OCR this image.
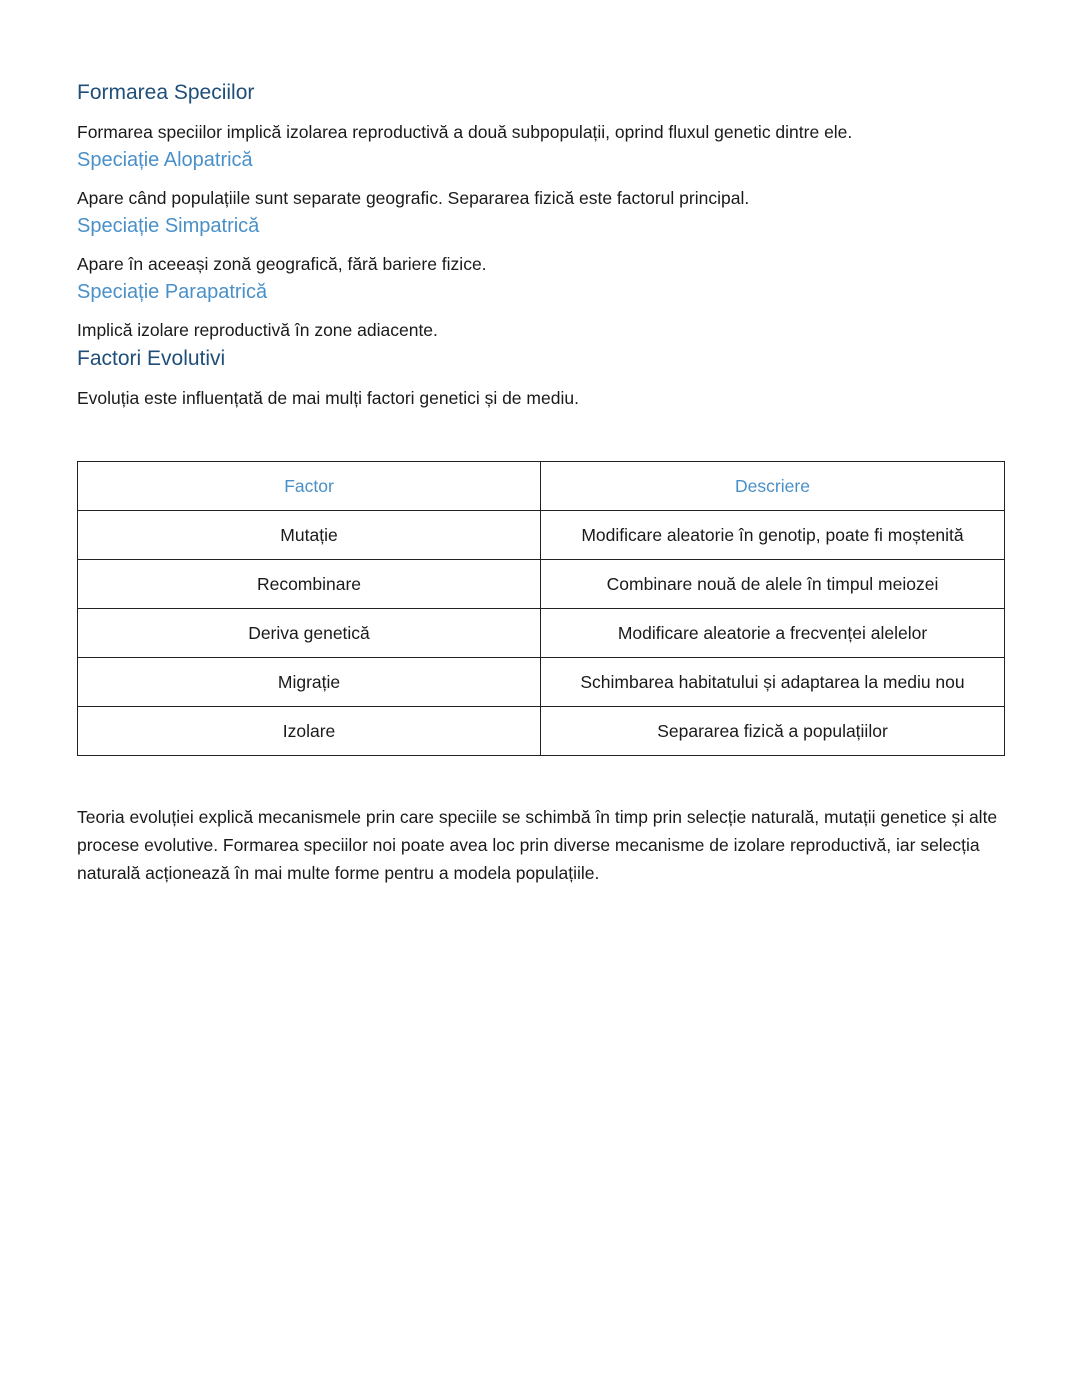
Formarea Speciilor

Formarea speciilor implică izolarea reproductivă a două subpopulații, oprind fluxul genetic dintre ele.

Speciație Alopatrică

Apare când populațiile sunt separate geografic. Separarea fizică este factorul principal.

Speciație Simpatrică

Apare în aceeași zonă geografică, fără bariere fizice.

Speciație Parapatrică

Implică izolare reproductivă în zone adiacente.

Factori Evolutivi

Evoluția este influențată de mai mulți factori genetici și de mediu.

Factor	Descriere
Mutație	Modificare aleatorie în genotip, poate fi moștenită
Recombinare	Combinare nouă de alele în timpul meiozei
Deriva genetică	Modificare aleatorie a frecvenței alelelor
Migrație	Schimbarea habitatului și adaptarea la mediu nou
Izolare	Separarea fizică a populațiilor

Teoria evoluției explică mecanismele prin care speciile se schimbă în timp prin selecție naturală, mutații genetice și alte procese evolutive. Formarea speciilor noi poate avea loc prin diverse mecanisme de izolare reproductivă, iar selecția naturală acționează în mai multe forme pentru a modela populațiile.
